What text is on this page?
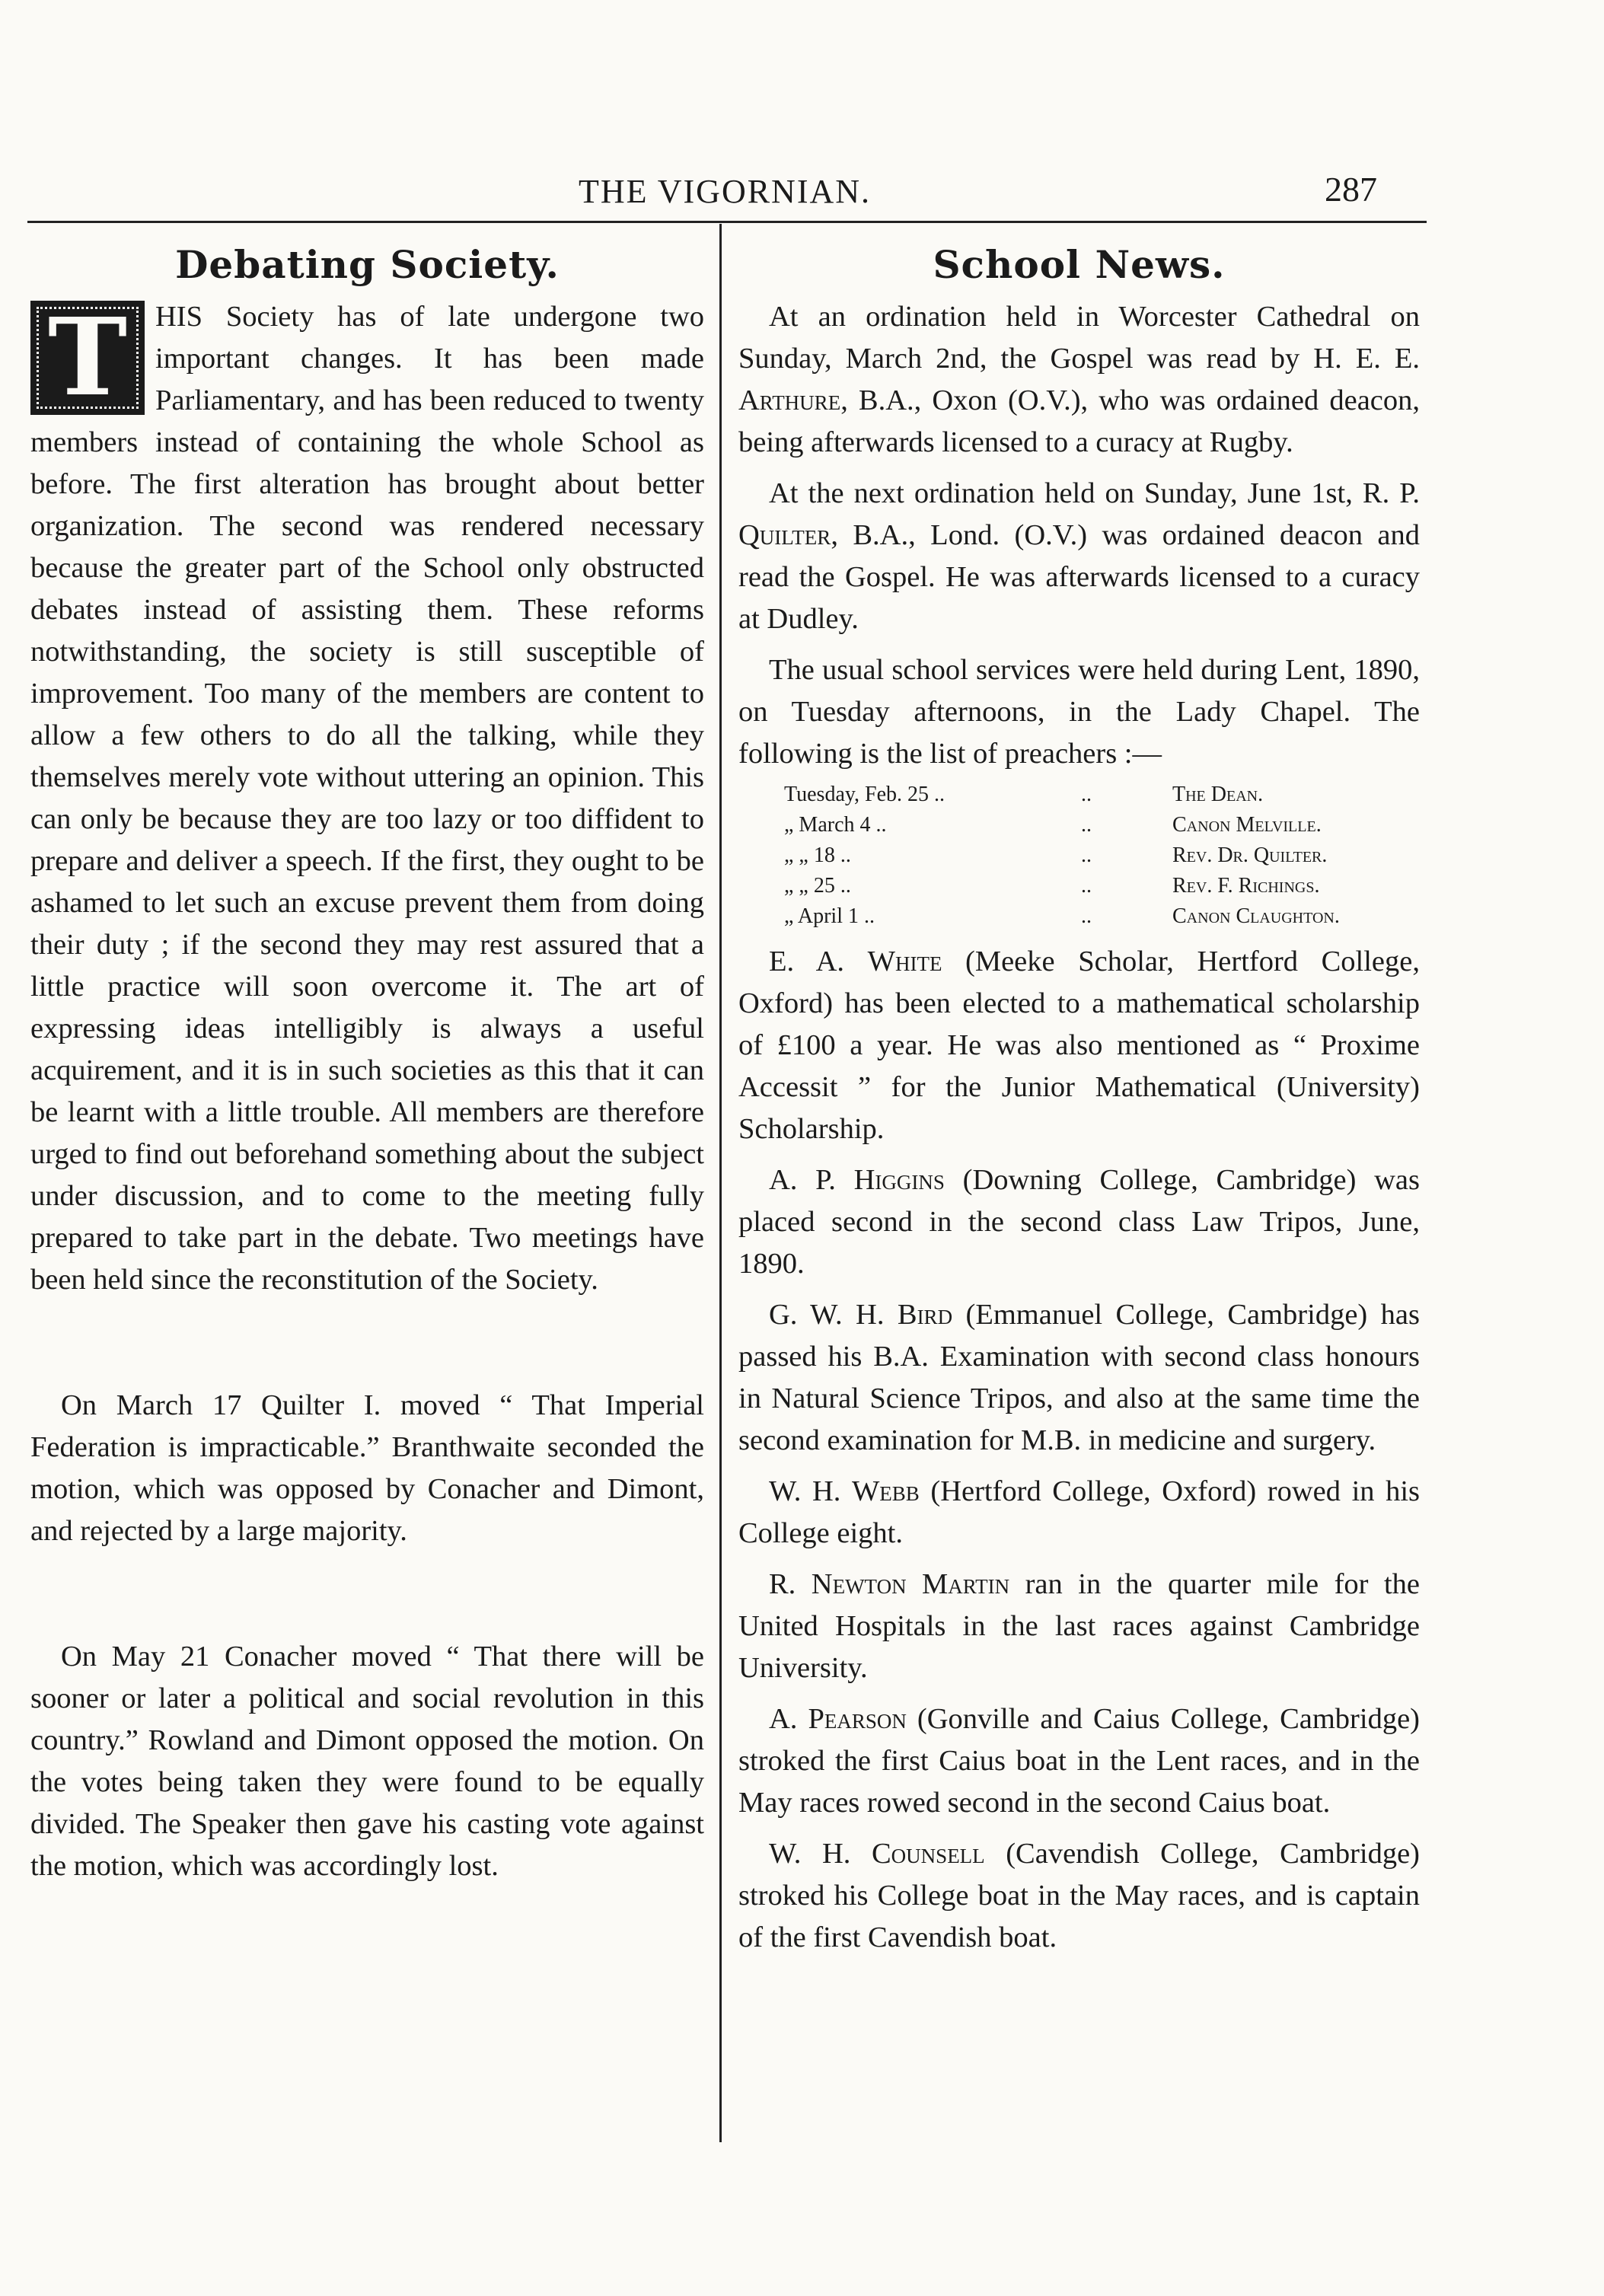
THE VIGORNIAN.	287
Debating Society.

THIS Society has of late undergone two important changes. It has been made Parliamentary, and has been reduced to twenty members instead of containing the whole School as before. The first alteration has brought about better organization. The second was rendered necessary because the greater part of the School only obstructed debates instead of assisting them. These reforms notwithstanding, the society is still susceptible of improvement. Too many of the members are content to allow a few others to do all the talking, while they themselves merely vote without uttering an opinion. This can only be because they are too lazy or too diffident to prepare and deliver a speech. If the first, they ought to be ashamed to let such an excuse prevent them from doing their duty ; if the second they may rest assured that a little practice will soon overcome it. The art of expressing ideas intelligibly is always a useful acquirement, and it is in such societies as this that it can be learnt with a little trouble. All members are therefore urged to find out beforehand something about the subject under discussion, and to come to the meeting fully prepared to take part in the debate. Two meetings have been held since the reconstitution of the Society.

On March 17 Quilter I. moved “ That Imperial Federation is impracticable.” Branthwaite seconded the motion, which was opposed by Conacher and Dimont, and rejected by a large majority.

On May 21 Conacher moved “ That there will be sooner or later a political and social revolution in this country.” Rowland and Dimont opposed the motion. On the votes being taken they were found to be equally divided. The Speaker then gave his casting vote against the motion, which was accordingly lost.

School News.

At an ordination held in Worcester Cathedral on Sunday, March 2nd, the Gospel was read by H. E. E. Arthure, B.A., Oxon (O.V.), who was ordained deacon, being afterwards licensed to a curacy at Rugby.

At the next ordination held on Sunday, June 1st, R. P. Quilter, B.A., Lond. (O.V.) was ordained deacon and read the Gospel. He was afterwards licensed to a curacy at Dudley.

The usual school services were held during Lent, 1890, on Tuesday afternoons, in the Lady Chapel. The following is the list of preachers :—

Tuesday, Feb. 25 ..	..	The Dean.
„ March 4 ..	..	Canon Melville.
„ „ 18 ..	..	Rev. Dr. Quilter.
„ „ 25 ..	..	Rev. F. Richings.
„ April 1 ..	..	Canon Claughton.

E. A. White (Meeke Scholar, Hertford College, Oxford) has been elected to a mathematical scholarship of £100 a year. He was also mentioned as “ Proxime Accessit ” for the Junior Mathematical (University) Scholarship.

A. P. Higgins (Downing College, Cambridge) was placed second in the second class Law Tripos, June, 1890.

G. W. H. Bird (Emmanuel College, Cambridge) has passed his B.A. Examination with second class honours in Natural Science Tripos, and also at the same time the second examination for M.B. in medicine and surgery.

W. H. Webb (Hertford College, Oxford) rowed in his College eight.

R. Newton Martin ran in the quarter mile for the United Hospitals in the last races against Cambridge University.

A. Pearson (Gonville and Caius College, Cambridge) stroked the first Caius boat in the Lent races, and in the May races rowed second in the second Caius boat.

W. H. Counsell (Cavendish College, Cambridge) stroked his College boat in the May races, and is captain of the first Cavendish boat.
